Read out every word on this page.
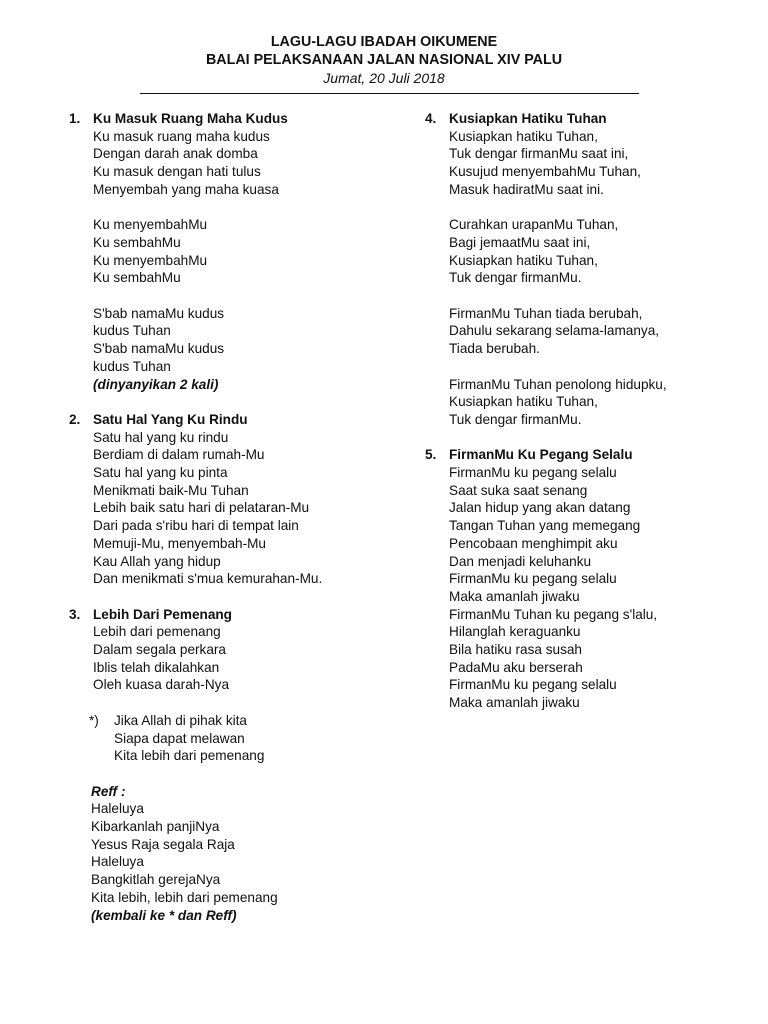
LAGU-LAGU IBADAH OIKUMENE
BALAI PELAKSANAAN JALAN NASIONAL XIV PALU
Jumat, 20 Juli 2018
1. Ku Masuk Ruang Maha Kudus
Ku masuk ruang maha kudus
Dengan darah anak domba
Ku masuk dengan hati tulus
Menyembah yang maha kuasa
Ku menyembahMu
Ku sembahMu
Ku menyembahMu
Ku sembahMu
S'bab namaMu kudus
kudus Tuhan
S'bab namaMu kudus
kudus Tuhan
(dinyanyikan 2 kali)
2. Satu Hal Yang Ku Rindu
Satu hal yang ku rindu
Berdiam di dalam rumah-Mu
Satu hal yang ku pinta
Menikmati baik-Mu Tuhan
Lebih baik satu hari di pelataran-Mu
Dari pada s'ribu hari di tempat lain
Memuji-Mu, menyembah-Mu
Kau Allah yang hidup
Dan menikmati s'mua kemurahan-Mu.
3. Lebih Dari Pemenang
Lebih dari pemenang
Dalam segala perkara
Iblis telah dikalahkan
Oleh kuasa darah-Nya
*)	Jika Allah di pihak kita
Siapa dapat melawan
Kita lebih dari pemenang
Reff :
Haleluya
Kibarkanlah panjiNya
Yesus Raja segala Raja
Haleluya
Bangkitlah gerejaNya
Kita lebih, lebih dari pemenang
(kembali ke * dan Reff)
4. Kusiapkan Hatiku Tuhan
Kusiapkan hatiku Tuhan,
Tuk dengar firmanMu saat ini,
Kusujud menyembahMu Tuhan,
Masuk hadiratMu saat ini.
Curahkan urapanMu Tuhan,
Bagi jemaatMu saat ini,
Kusiapkan hatiku Tuhan,
Tuk dengar firmanMu.
FirmanMu Tuhan tiada berubah,
Dahulu sekarang selama-lamanya,
Tiada berubah.
FirmanMu Tuhan penolong hidupku,
Kusiapkan hatiku Tuhan,
Tuk dengar firmanMu.
5. FirmanMu Ku Pegang Selalu
FirmanMu ku pegang selalu
Saat suka saat senang
Jalan hidup yang akan datang
Tangan Tuhan yang memegang
Pencobaan menghimpit aku
Dan menjadi keluhanku
FirmanMu ku pegang selalu
Maka amanlah jiwaku
FirmanMu Tuhan ku pegang s'lalu,
Hilanglah keraguanku
Bila hatiku rasa susah
PadaMu aku berserah
FirmanMu ku pegang selalu
Maka amanlah jiwaku
